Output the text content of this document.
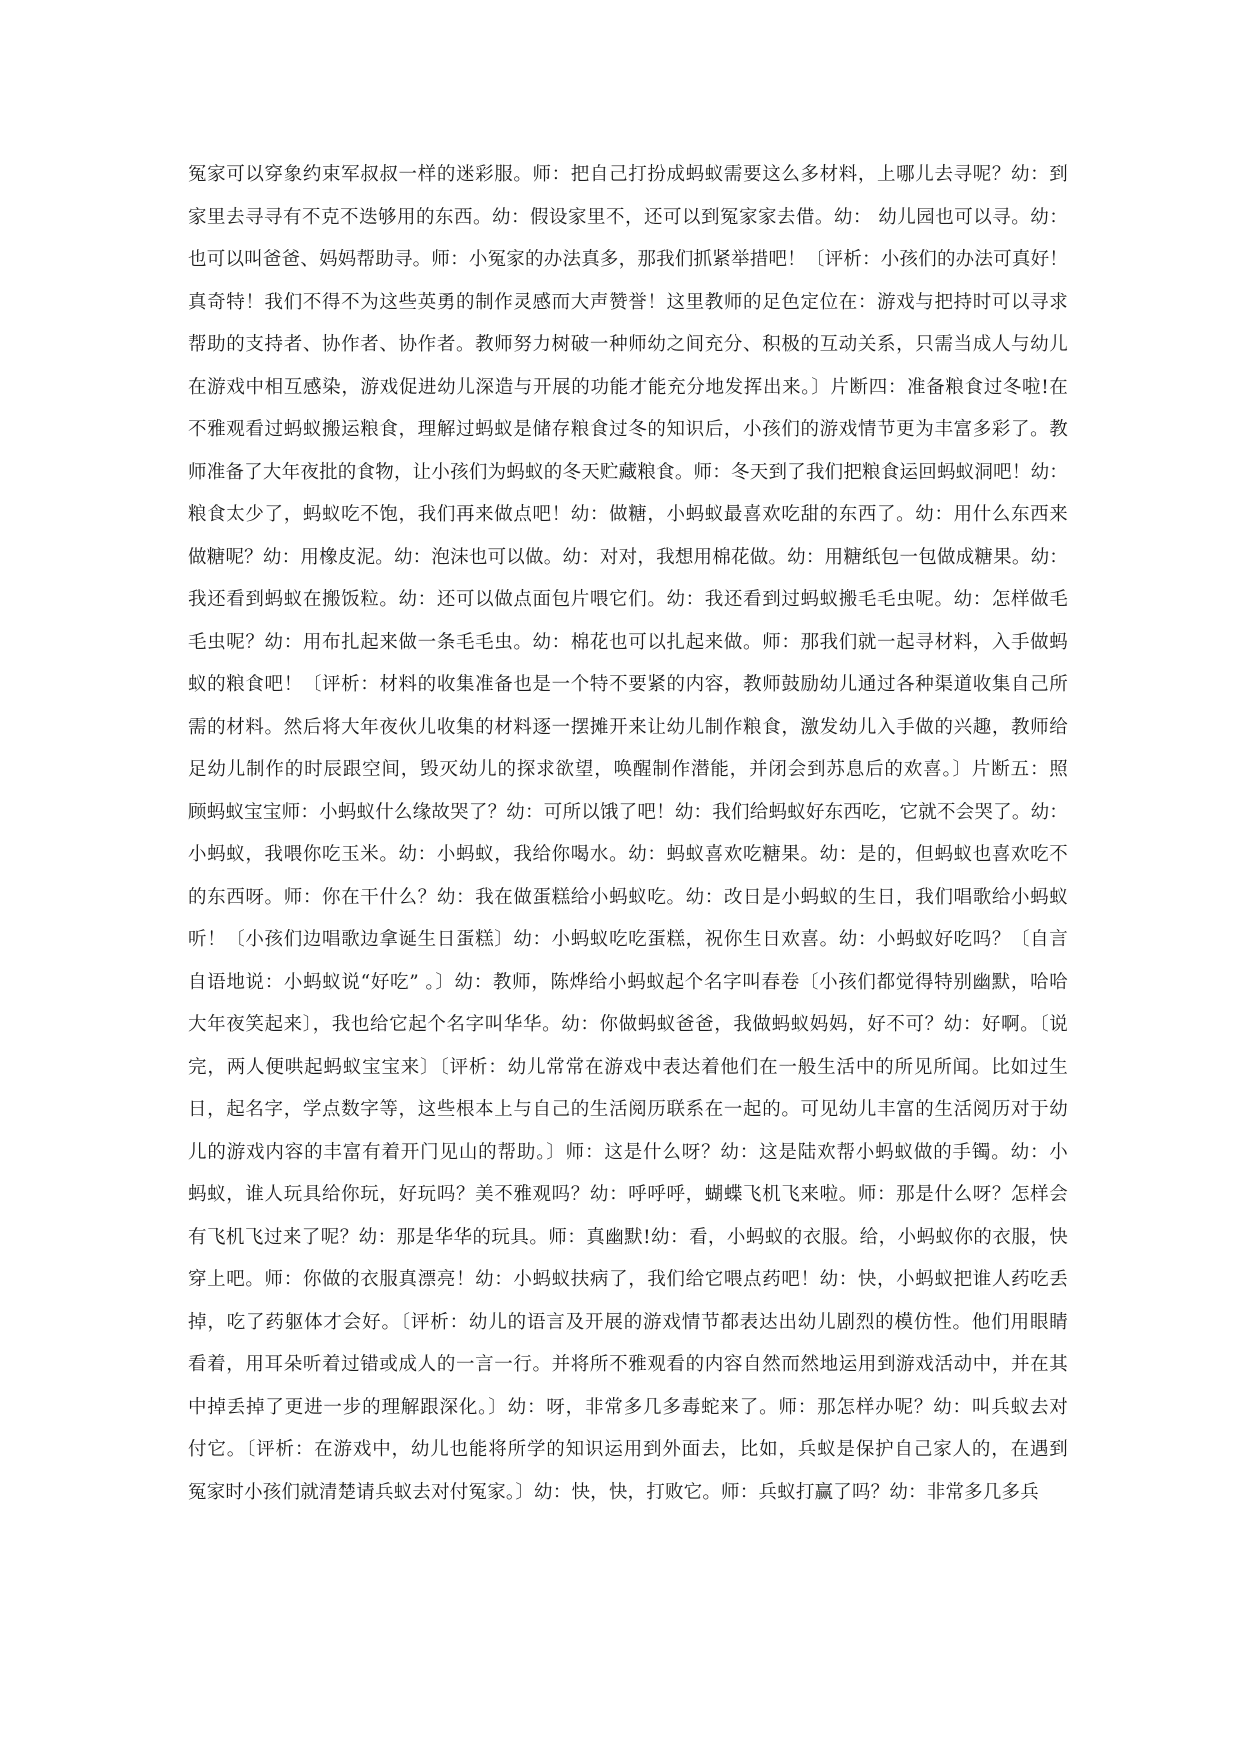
冤家可以穿象约束军叔叔一样的迷彩服。师：把自己打扮成蚂蚁需要这么多材料，上哪儿去寻呢？幼：到
家里去寻寻有不克不迭够用的东西。幼：假设家里不，还可以到冤家家去借。幼： 幼儿园也可以寻。幼：
也可以叫爸爸、妈妈帮助寻。师：小冤家的办法真多，那我们抓紧举措吧！〔评析：小孩们的办法可真好！
真奇特！我们不得不为这些英勇的制作灵感而大声赞誉！这里教师的足色定位在：游戏与把持时可以寻求
帮助的支持者、协作者、协作者。教师努力树破一种师幼之间充分、积极的互动关系，只需当成人与幼儿
在游戏中相互感染，游戏促进幼儿深造与开展的功能才能充分地发挥出来。〕片断四：准备粮食过冬啦!在
不雅观看过蚂蚁搬运粮食，理解过蚂蚁是储存粮食过冬的知识后，小孩们的游戏情节更为丰富多彩了。教
师准备了大年夜批的食物，让小孩们为蚂蚁的冬天贮藏粮食。师：冬天到了我们把粮食运回蚂蚁洞吧！幼：
粮食太少了，蚂蚁吃不饱，我们再来做点吧！幼：做糖，小蚂蚁最喜欢吃甜的东西了。幼：用什么东西来
做糖呢？幼：用橡皮泥。幼：泡沫也可以做。幼：对对，我想用棉花做。幼：用糖纸包一包做成糖果。幼：
我还看到蚂蚁在搬饭粒。幼：还可以做点面包片喂它们。幼：我还看到过蚂蚁搬毛毛虫呢。幼：怎样做毛
毛虫呢？幼：用布扎起来做一条毛毛虫。幼：棉花也可以扎起来做。师：那我们就一起寻材料，入手做蚂
蚁的粮食吧！〔评析：材料的收集准备也是一个特不要紧的内容，教师鼓励幼儿通过各种渠道收集自己所
需的材料。然后将大年夜伙儿收集的材料逐一摆摊开来让幼儿制作粮食，激发幼儿入手做的兴趣，教师给
足幼儿制作的时辰跟空间，毁灭幼儿的探求欲望，唤醒制作潜能，并闭会到苏息后的欢喜。〕片断五：照
顾蚂蚁宝宝师：小蚂蚁什么缘故哭了？幼：可所以饿了吧！幼：我们给蚂蚁好东西吃，它就不会哭了。幼：
小蚂蚁，我喂你吃玉米。幼：小蚂蚁，我给你喝水。幼：蚂蚁喜欢吃糖果。幼：是的，但蚂蚁也喜欢吃不
的东西呀。师：你在干什么？幼：我在做蛋糕给小蚂蚁吃。幼：改日是小蚂蚁的生日，我们唱歌给小蚂蚁
听！〔小孩们边唱歌边拿诞生日蛋糕〕幼：小蚂蚁吃吃蛋糕，祝你生日欢喜。幼：小蚂蚁好吃吗？〔自言
自语地说：小蚂蚁说“好吃” 。〕幼：教师，陈烨给小蚂蚁起个名字叫春卷〔小孩们都觉得特别幽默，哈哈
大年夜笑起来〕，我也给它起个名字叫华华。幼：你做蚂蚁爸爸，我做蚂蚁妈妈，好不可？幼：好啊。〔说
完，两人便哄起蚂蚁宝宝来〕〔评析：幼儿常常在游戏中表达着他们在一般生活中的所见所闻。比如过生
日，起名字，学点数字等，这些根本上与自己的生活阅历联系在一起的。可见幼儿丰富的生活阅历对于幼
儿的游戏内容的丰富有着开门见山的帮助。〕师：这是什么呀？幼：这是陆欢帮小蚂蚁做的手镯。幼：小
蚂蚁，谁人玩具给你玩，好玩吗？美不雅观吗？幼：呼呼呼，蝴蝶飞机飞来啦。师：那是什么呀？怎样会
有飞机飞过来了呢？幼：那是华华的玩具。师：真幽默!幼：看，小蚂蚁的衣服。给，小蚂蚁你的衣服，快
穿上吧。师：你做的衣服真漂亮！幼：小蚂蚁扶病了，我们给它喂点药吧！幼：快，小蚂蚁把谁人药吃丢
掉，吃了药躯体才会好。〔评析：幼儿的语言及开展的游戏情节都表达出幼儿剧烈的模仿性。他们用眼睛
看着，用耳朵听着过错或成人的一言一行。并将所不雅观看的内容自然而然地运用到游戏活动中，并在其
中掉丢掉了更进一步的理解跟深化。〕幼：呀，非常多几多毒蛇来了。师：那怎样办呢？幼：叫兵蚁去对
付它。〔评析：在游戏中，幼儿也能将所学的知识运用到外面去，比如，兵蚁是保护自己家人的，在遇到
冤家时小孩们就清楚请兵蚁去对付冤家。〕幼：快，快，打败它。师：兵蚁打赢了吗？幼：非常多几多兵
